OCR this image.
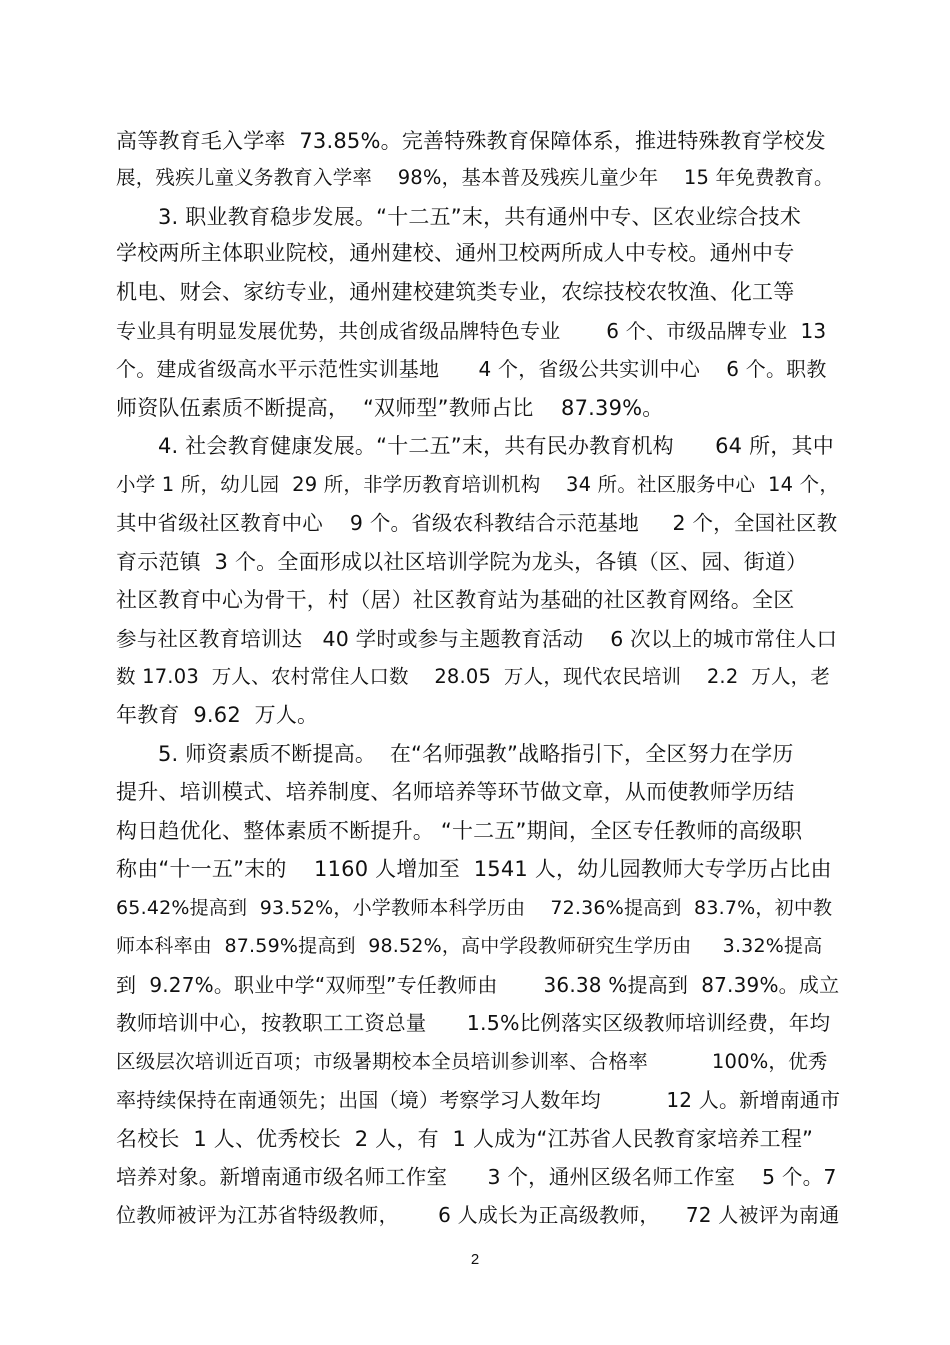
高等教育毛入学率  73.85%。完善特殊教育保障体系，推进特殊教育学校发
展，残疾儿童义务教育入学率    98%，基本普及残疾儿童少年    15 年免费教育。
3. 职业教育稳步发展。“十二五”末，共有通州中专、区农业综合技术
学校两所主体职业院校，通州建校、通州卫校两所成人中专校。通州中专
机电、财会、家纺专业，通州建校建筑类专业，农综技校农牧渔、化工等
专业具有明显发展优势，共创成省级品牌特色专业       6 个、市级品牌专业  13
个。建成省级高水平示范性实训基地      4 个，省级公共实训中心    6 个。职教
师资队伍素质不断提高，  “双师型”教师占比    87.39%。
4. 社会教育健康发展。“十二五”末，共有民办教育机构      64 所，其中
小学 1 所，幼儿园  29 所，非学历教育培训机构    34 所。社区服务中心  14 个，
其中省级社区教育中心    9 个。省级农科教结合示范基地     2 个，全国社区教
育示范镇  3 个。全面形成以社区培训学院为龙头，各镇（区、园、街道）
社区教育中心为骨干，村（居）社区教育站为基础的社区教育网络。全区
参与社区教育培训达   40 学时或参与主题教育活动    6 次以上的城市常住人口
数 17.03  万人、农村常住人口数    28.05  万人，现代农民培训    2.2  万人，老
年教育  9.62  万人。
5. 师资素质不断提高。  在“名师强教”战略指引下，全区努力在学历
提升、培训模式、培养制度、名师培养等环节做文章，从而使教师学历结
构日趋优化、整体素质不断提升。 “十二五”期间，全区专任教师的高级职
称由“十一五”末的    1160 人增加至  1541 人，幼儿园教师大专学历占比由
65.42%提高到  93.52%，小学教师本科学历由    72.36%提高到  83.7%，初中教
师本科率由  87.59%提高到  98.52%，高中学段教师研究生学历由     3.32%提高
到  9.27%。职业中学“双师型”专任教师由       36.38 %提高到  87.39%。成立
教师培训中心，按教职工工资总量      1.5%比例落实区级教师培训经费，年均
区级层次培训近百项；市级暑期校本全员培训参训率、合格率          100%，优秀
率持续保持在南通领先；出国（境）考察学习人数年均          12 人。新增南通市
名校长  1 人、优秀校长  2 人，有  1 人成为“江苏省人民教育家培养工程”
培养对象。新增南通市级名师工作室      3 个，通州区级名师工作室    5 个。7
位教师被评为江苏省特级教师，      6 人成长为正高级教师，    72 人被评为南通
2
